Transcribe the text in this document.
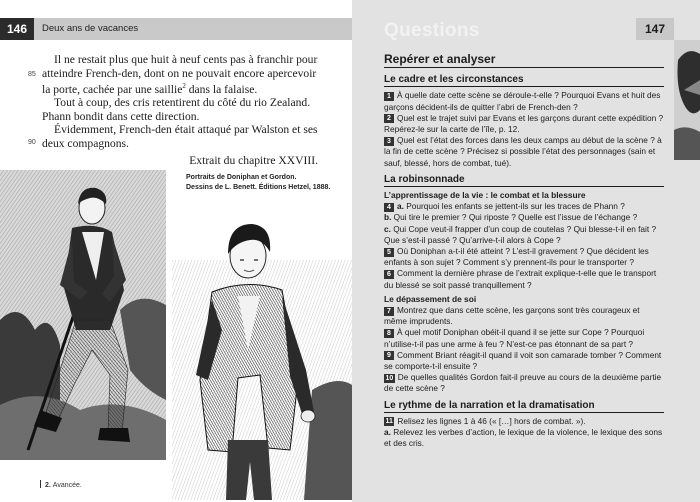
146	Deux ans de vacances
85
90

Il ne restait plus que huit à neuf cents pas à franchir pour atteindre French-den, dont on ne pouvait encore apercevoir la porte, cachée par une saillie$^2$ dans la falaise.

Tout à coup, des cris retentirent du côté du rio Zealand. Phann bondit dans cette direction.

Évidemment, French-den était attaqué par Walston et ses deux compagnons.

Extrait du chapitre XXVIII.

Portraits de Doniphan et Gordon.
Dessins de L. Benett. Éditions Hetzel, 1888.
2. Avancée.
Questions	147
Repérer et analyser
Le cadre et les circonstances

1 À quelle date cette scène se déroule-t-elle ? Pourquoi Evans et huit des garçons décident-ils de quitter l’abri de French-den ?

2 Quel est le trajet suivi par Evans et les garçons durant cette expédition ? Repérez-le sur la carte de l’île, p. 12.

3 Quel est l’état des forces dans les deux camps au début de la scène ? à la fin de cette scène ? Précisez si possible l’état des personnages (sain et sauf, blessé, hors de combat, tué).

La robinsonnade
L’apprentissage de la vie : le combat et la blessure

4 a. Pourquoi les enfants se jettent-ils sur les traces de Phann ?

b. Qui tire le premier ? Qui riposte ? Quelle est l’issue de l’échange ?

c. Qui Cope veut-il frapper d’un coup de coutelas ? Qui blesse-t-il en fait ? Que s’est-il passé ? Qu’arrive-t-il alors à Cope ?

5 Où Doniphan a-t-il été atteint ? L’est-il gravement ? Que décident les enfants à son sujet ? Comment s’y prennent-ils pour le transporter ?

6 Comment la dernière phrase de l’extrait explique-t-elle que le transport du blessé se soit passé tranquillement ?

Le dépassement de soi

7 Montrez que dans cette scène, les garçons sont très courageux et même imprudents.

8 À quel motif Doniphan obéit-il quand il se jette sur Cope ? Pourquoi n’utilise-t-il pas une arme à feu ? N’est-ce pas étonnant de sa part ?

9 Comment Briant réagit-il quand il voit son camarade tomber ? Comment se comporte-t-il ensuite ?

10 De quelles qualités Gordon fait-il preuve au cours de la deuxième partie de cette scène ?

Le rythme de la narration et la dramatisation

11 Relisez les lignes 1 à 46 (« […] hors de combat. »).

a. Relevez les verbes d’action, le lexique de la violence, le lexique des sons et des cris.
